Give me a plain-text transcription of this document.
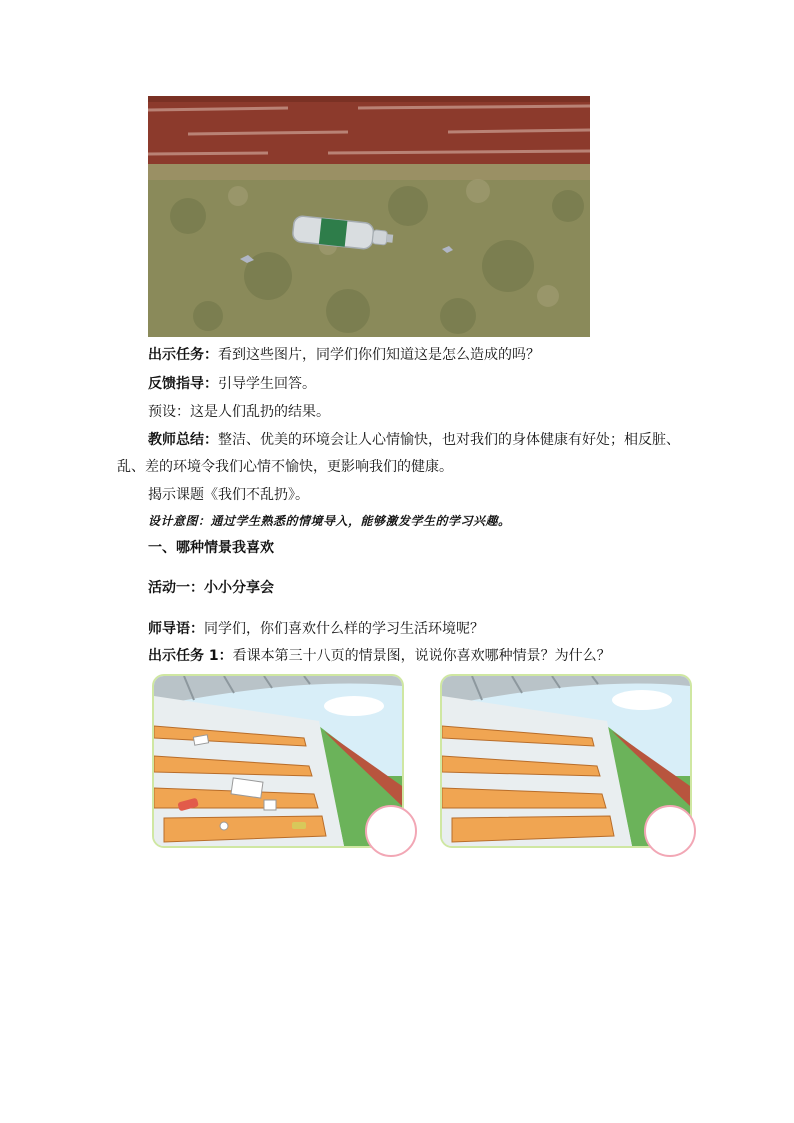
出示任务：看到这些图片，同学们你们知道这是怎么造成的吗？
反馈指导：引导学生回答。
预设：这是人们乱扔的结果。
教师总结：整洁、优美的环境会让人心情愉快，也对我们的身体健康有好处；相反脏、
乱、差的环境令我们心情不愉快，更影响我们的健康。
揭示课题《我们不乱扔》。
设计意图：通过学生熟悉的情境导入，能够激发学生的学习兴趣。
一、哪种情景我喜欢
活动一：小小分享会
师导语：同学们，你们喜欢什么样的学习生活环境呢？
出示任务 1：看课本第三十八页的情景图，说说你喜欢哪种情景？为什么？
